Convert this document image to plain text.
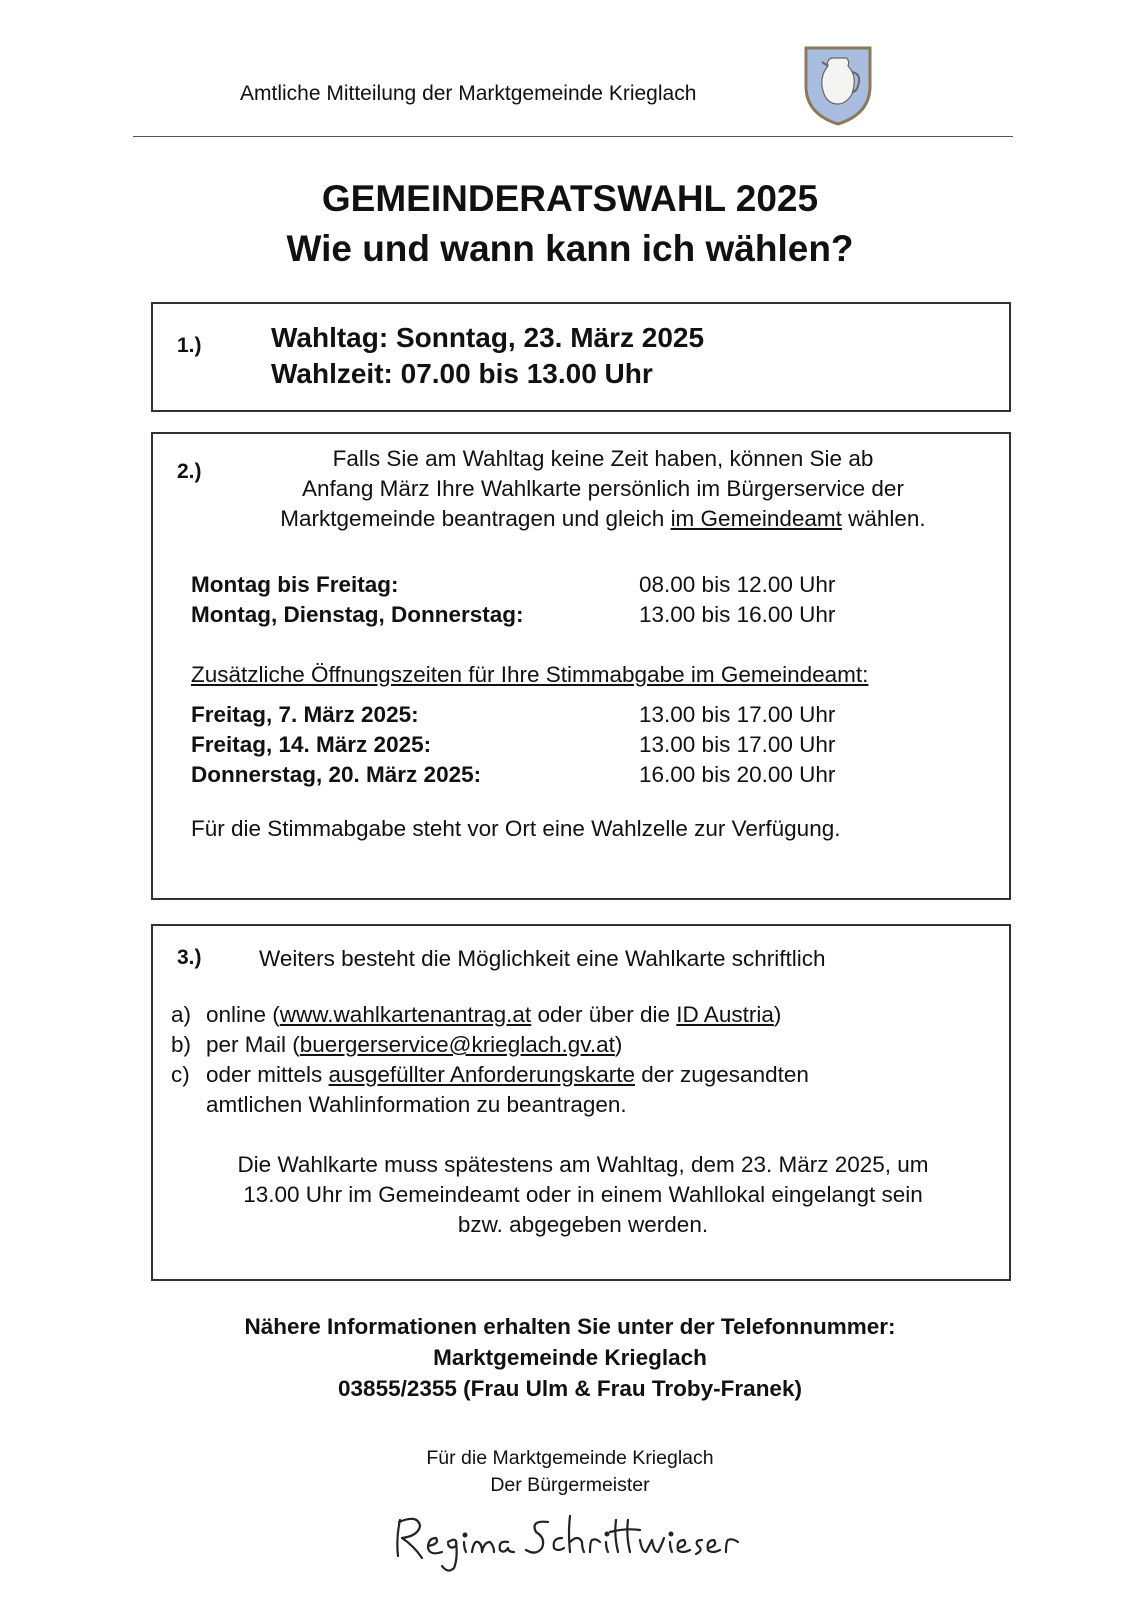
Amtliche Mitteilung der Marktgemeinde Krieglach
GEMEINDERATSWAHL 2025
Wie und wann kann ich wählen?
1.) Wahltag: Sonntag, 23. März 2025
Wahlzeit: 07.00 bis 13.00 Uhr
2.)
Falls Sie am Wahltag keine Zeit haben, können Sie ab
Anfang März Ihre Wahlkarte persönlich im Bürgerservice der
Marktgemeinde beantragen und gleich im Gemeindeamt wählen.
Montag bis Freitag:	08.00 bis 12.00 Uhr
Montag, Dienstag, Donnerstag:	13.00 bis 16.00 Uhr
Zusätzliche Öffnungszeiten für Ihre Stimmabgabe im Gemeindeamt:
Freitag, 7. März 2025:	13.00 bis 17.00 Uhr
Freitag, 14. März 2025:	13.00 bis 17.00 Uhr
Donnerstag, 20. März 2025:	16.00 bis 20.00 Uhr
Für die Stimmabgabe steht vor Ort eine Wahlzelle zur Verfügung.
3.)	Weiters besteht die Möglichkeit eine Wahlkarte schriftlich
a) online (www.wahlkartenantrag.at oder über die ID Austria)
b) per Mail (buergerservice@krieglach.gv.at)
c) oder mittels ausgefüllter Anforderungskarte der zugesandten
amtlichen Wahlinformation zu beantragen.
Die Wahlkarte muss spätestens am Wahltag, dem 23. März 2025, um
13.00 Uhr im Gemeindeamt oder in einem Wahllokal eingelangt sein
bzw. abgegeben werden.
Nähere Informationen erhalten Sie unter der Telefonnummer:
Marktgemeinde Krieglach
03855/2355 (Frau Ulm & Frau Troby-Franek)
Für die Marktgemeinde Krieglach
Der Bürgermeister
